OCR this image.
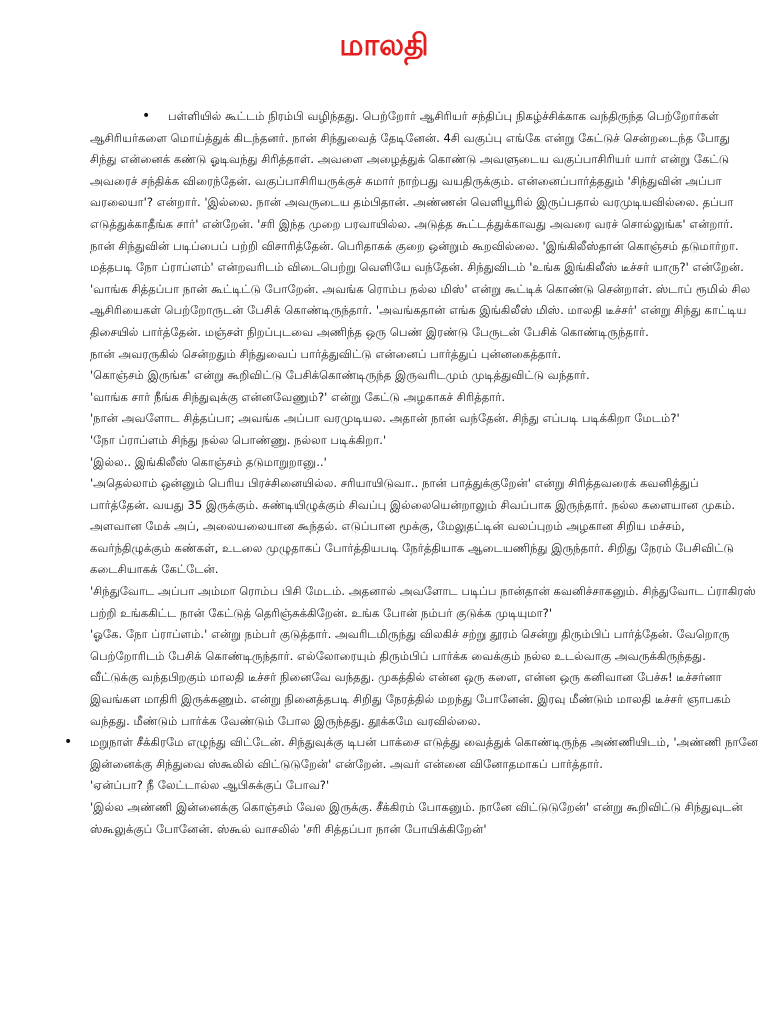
மாலதி
• பள்ளியில் கூட்டம் நிரம்பி வழிந்தது. பெற்றோர் ஆசிரியர் சந்திப்பு நிகழ்ச்சிக்காக வந்திருந்த பெற்றோர்கள் ஆசிரியர்களை மொய்த்துக் கிடந்தனர். நான் சிந்துவைத் தேடினேன். 4சி வகுப்பு எங்கே என்று கேட்டுச் சென்றடைந்த போது சிந்து என்னைக் கண்டு ஓடிவந்து சிரித்தாள். அவளை அழைத்துக் கொண்டு அவளுடைய வகுப்பாசிரியர் யார் என்று கேட்டு அவரைச் சந்திக்க விரைந்தேன். வகுப்பாசிரியருக்குச் சுமார் நாற்பது வயதிருக்கும். என்னைப்பார்த்ததும் 'சிந்துவின் அப்பா வரலையா'? என்றார். 'இல்லை. நான் அவருடைய தம்பிதான். அண்ணன் வெளியூரில் இருப்பதால் வரமுடியவில்லை. தப்பா எடுத்துக்காதீங்க சார்' என்றேன். 'சரி இந்த முறை பரவாயில்ல. அடுத்த கூட்டத்துக்காவது அவரை வரச் சொல்லுங்க' என்றார். நான் சிந்துவின் படிப்பைப் பற்றி விசாரித்தேன். பெரிதாகக் குறை ஒன்றும் கூறவில்லை. 'இங்கிலீஸ்தான் கொஞ்சம் தடுமார்றா. மத்தபடி நோ ப்ராப்ளம்' என்றவரிடம் விடைபெற்று வெளியே வந்தேன். சிந்துவிடம் 'உங்க இங்கிலீஸ் டீச்சர் யாரு?' என்றேன். 'வாங்க சித்தப்பா நான் கூட்டிட்டு போறேன். அவங்க ரொம்ப நல்ல மிஸ்' என்று கூட்டிக் கொண்டு சென்றாள். ஸ்டாப் ரூமில் சில ஆசிரியைகள் பெற்றோருடன் பேசிக் கொண்டிருந்தார். 'அவங்கதான் எங்க இங்கிலீஸ் மிஸ். மாலதி டீச்சர்' என்று சிந்து காட்டிய திசையில் பார்த்தேன். மஞ்சள் நிறப்புடவை அணிந்த ஒரு பெண் இரண்டு பேருடன் பேசிக் கொண்டிருந்தார்.
நான் அவரருகில் சென்றதும் சிந்துவைப் பார்த்துவிட்டு என்னைப் பார்த்துப் புன்னகைத்தார்.
'கொஞ்சம் இருங்க' என்று கூறிவிட்டு பேசிக்கொண்டிருந்த இருவரிடமும் முடித்துவிட்டு வந்தார்.
'வாங்க சார் நீங்க சிந்துவுக்கு என்னவேணும்?' என்று கேட்டு அழகாகச் சிரித்தார்.
'நான் அவளோட சித்தப்பா; அவங்க அப்பா வரமுடியல. அதான் நான் வந்தேன். சிந்து எப்படி படிக்கிறா மேடம்?'
'நோ ப்ராப்ளம் சிந்து நல்ல பொண்ணு. நல்லா படிக்கிறா.'
'இல்ல.. இங்கிலீஸ் கொஞ்சம் தடுமாறுறானு..'
'அதெல்லாம் ஒன்னும் பெரிய பிரச்சினையில்ல. சரியாயிடுவா.. நான் பாத்துக்குறேன்' என்று சிரித்தவரைக் கவனித்துப் பார்த்தேன். வயது 35 இருக்கும். சுண்டியிழுக்கும் சிவப்பு இல்லையென்றாலும் சிவப்பாக இருந்தார். நல்ல களையான முகம். அளவான மேக் அப், அலையலையான கூந்தல். எடுப்பான மூக்கு, மேலுதட்டின் வலப்புறம் அழகான சிறிய மச்சம், கவர்ந்திழுக்கும் கண்கள், உடலை முழுதாகப் போர்த்தியபடி நேர்த்தியாக ஆடையணிந்து இருந்தார். சிறிது நேரம் பேசிவிட்டு கடைசியாகக் கேட்டேன்.
'சிந்துவோட அப்பா அம்மா ரொம்ப பிசி மேடம். அதனால் அவளோட படிப்ப நான்தான் கவனிச்சாகனும். சிந்துவோட ப்ராகிரஸ் பற்றி உங்ககிட்ட நான் கேட்டுத் தெரிஞ்சுக்கிறேன். உங்க போன் நம்பர் குடுக்க முடியுமா?'
'ஓகே. நோ ப்ராப்ளம்.' என்று நம்பர் குடுத்தார். அவரிடமிருந்து விலகிச் சற்று தூரம் சென்று திரும்பிப் பார்த்தேன். வேறொரு பெற்றோரிடம் பேசிக் கொண்டிருந்தார். எல்லோரையும் திரும்பிப் பார்க்க வைக்கும் நல்ல உடல்வாகு அவருக்கிருந்தது.
வீட்டுக்கு வந்தபிறகும் மாலதி டீச்சர் நினைவே வந்தது. முகத்தில் என்ன ஒரு களை, என்ன ஒரு கனிவான பேச்சு! டீச்சர்னா இவங்கள மாதிரி இருக்கணும். என்று நினைத்தபடி சிறிது நேரத்தில் மறந்து போனேன். இரவு மீண்டும் மாலதி டீச்சர் ஞாபகம் வந்தது. மீண்டும் பார்க்க வேண்டும் போல இருந்தது. தூக்கமே வரவில்லை.
• மறுநாள் சீக்கிரமே எழுந்து விட்டேன். சிந்துவுக்கு டிபன் பாக்சை எடுத்து வைத்துக் கொண்டிருந்த அண்ணியிடம், 'அண்ணி நானே இன்னைக்கு சிந்துவை ஸ்கூலில் விட்டுடுறேன்' என்றேன். அவர் என்னை வினோதமாகப் பார்த்தார்.
'ஏன்ப்பா? நீ லேட்டால்ல ஆபிசுக்குப் போவ?'
'இல்ல அண்ணி இன்னைக்கு கொஞ்சம் வேல இருக்கு. சீக்கிரம் போகனும். நானே விட்டுடுறேன்' என்று கூறிவிட்டு சிந்துவுடன் ஸ்கூலுக்குப் போனேன். ஸ்கூல் வாசலில் 'சரி சித்தப்பா நான் போயிக்கிறேன்'
